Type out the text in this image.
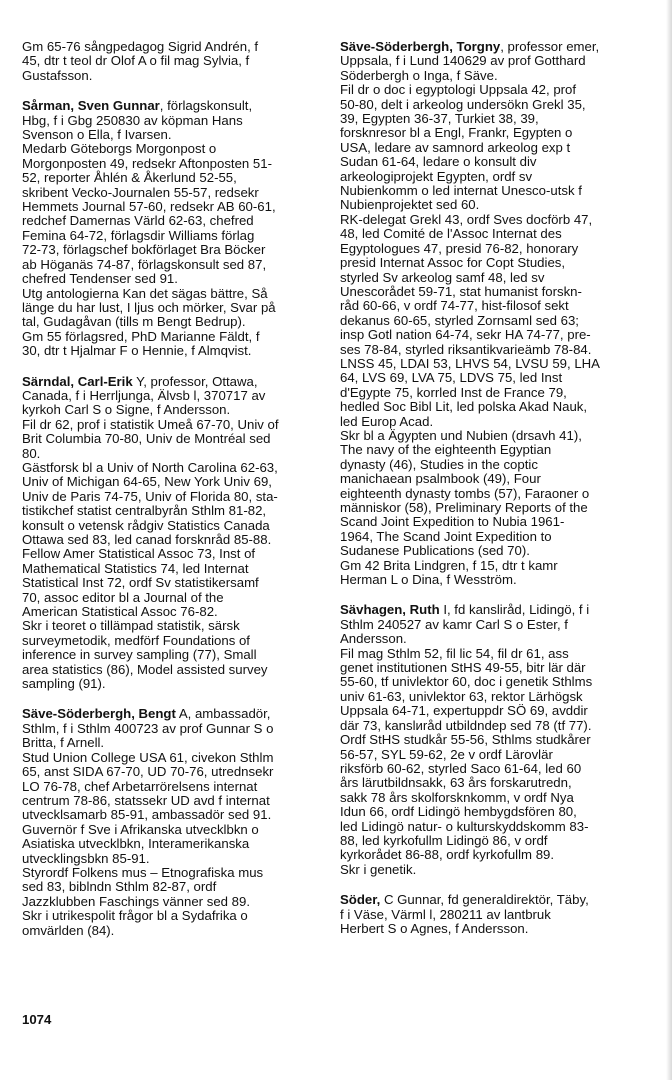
Gm 65-76 sångpedagog Sigrid Andrén, f
45, dtr t teol dr Olof A o fil mag Sylvia, f
Gustafsson.
Sårman, Sven Gunnar, förlagskonsult,
Hbg, f i Gbg 250830 av köpman Hans
Svenson o Ella, f Ivarsen.
Medarb Göteborgs Morgonpost o
Morgonposten 49, redsekr Aftonposten 51-
52, reporter Åhlén & Åkerlund 52-55,
skribent Vecko-Journalen 55-57, redsekr
Hemmets Journal 57-60, redsekr AB 60-61,
redchef Damernas Värld 62-63, chefred
Femina 64-72, förlagsdir Williams förlag
72-73, förlagschef bokförlaget Bra Böcker
ab Höganäs 74-87, förlagskonsult sed 87,
chefred Tendenser sed 91.
Utg antologierna Kan det sägas bättre, Så
länge du har lust, I ljus och mörker, Svar på
tal, Gudagåvan (tills m Bengt Bedrup).
Gm 55 förlagsred, PhD Marianne Fäldt, f
30, dtr t Hjalmar F o Hennie, f Almqvist.
Särndal, Carl-Erik Y, professor, Ottawa,
Canada, f i Herrljunga, Älvsb l, 370717 av
kyrkoh Carl S o Signe, f Andersson.
Fil dr 62, prof i statistik Umeå 67-70, Univ of
Brit Columbia 70-80, Univ de Montréal sed
80.
Gästforsk bl a Univ of North Carolina 62-63,
Univ of Michigan 64-65, New York Univ 69,
Univ de Paris 74-75, Univ of Florida 80, sta-
tistikchef statist centralbyrån Sthlm 81-82,
konsult o vetensk rådgiv Statistics Canada
Ottawa sed 83, led canad forsknråd 85-88.
Fellow Amer Statistical Assoc 73, Inst of
Mathematical Statistics 74, led Internat
Statistical Inst 72, ordf Sv statistikersamf
70, assoc editor bl a Journal of the
American Statistical Assoc 76-82.
Skr i teoret o tillämpad statistik, särsk
surveymetodik, medförf Foundations of
inference in survey sampling (77), Small
area statistics (86), Model assisted survey
sampling (91).
Säve-Söderbergh, Bengt A, ambassadör,
Sthlm, f i Sthlm 400723 av prof Gunnar S o
Britta, f Arnell.
Stud Union College USA 61, civekon Sthlm
65, anst SIDA 67-70, UD 70-76, utrednsekr
LO 76-78, chef Arbetarrörelsens internat
centrum 78-86, statssekr UD avd f internat
utvecklsamarb 85-91, ambassadör sed 91.
Guvernör f Sve i Afrikanska utvecklbkn o
Asiatiska utvecklbkn, Interamerikanska
utvecklingsbkn 85-91.
Styrordf Folkens mus – Etnografiska mus
sed 83, biblndn Sthlm 82-87, ordf
Jazzklubben Faschings vänner sed 89.
Skr i utrikespolit frågor bl a Sydafrika o
omvärlden (84).
Säve-Söderbergh, Torgny, professor emer,
Uppsala, f i Lund 140629 av prof Gotthard
Söderbergh o Inga, f Säve.
Fil dr o doc i egyptologi Uppsala 42, prof
50-80, delt i arkeolog undersökn Grekl 35,
39, Egypten 36-37, Turkiet 38, 39,
forsknresor bl a Engl, Frankr, Egypten o
USA, ledare av samnord arkeolog exp t
Sudan 61-64, ledare o konsult div
arkeologiprojekt Egypten, ordf sv
Nubienkomm o led internat Unesco-utsk f
Nubienprojektet sed 60.
RK-delegat Grekl 43, ordf Sves docförb 47,
48, led Comité de l'Assoc Internat des
Egyptologues 47, presid 76-82, honorary
presid Internat Assoc for Copt Studies,
styrled Sv arkeolog samf 48, led sv
Unescorådet 59-71, stat humanist forskn-
råd 60-66, v ordf 74-77, hist-filosof sekt
dekanus 60-65, styrled Zornsaml sed 63;
insp Gotl nation 64-74, sekr HA 74-77, pre-
ses 78-84, styrled riksantikvarieämb 78-84.
LNSS 45, LDAI 53, LHVS 54, LVSU 59, LHA
64, LVS 69, LVA 75, LDVS 75, led Inst
d'Egypte 75, korrled Inst de France 79,
hedled Soc Bibl Lit, led polska Akad Nauk,
led Europ Acad.
Skr bl a Ägypten und Nubien (drsavh 41),
The navy of the eighteenth Egyptian
dynasty (46), Studies in the coptic
manichaean psalmbook (49), Four
eighteenth dynasty tombs (57), Faraoner o
människor (58), Preliminary Reports of the
Scand Joint Expedition to Nubia 1961-
1964, The Scand Joint Expedition to
Sudanese Publications (sed 70).
Gm 42 Brita Lindgren, f 15, dtr t kamr
Herman L o Dina, f Wesström.
Sävhagen, Ruth I, fd kansliråd, Lidingö, f i
Sthlm 240527 av kamr Carl S o Ester, f
Andersson.
Fil mag Sthlm 52, fil lic 54, fil dr 61, ass
genet institutionen StHS 49-55, bitr lär där
55-60, tf univlektor 60, doc i genetik Sthlms
univ 61-63, univlektor 63, rektor Lärhögsk
Uppsala 64-71, expertuppdr SÖ 69, avddir
där 73, kanslиråd utbildndep sed 78 (tf 77).
Ordf StHS studkår 55-56, Sthlms studkårer
56-57, SYL 59-62, 2e v ordf Lärovlär
riksförb 60-62, styrled Saco 61-64, led 60
års lärutbildnsakk, 63 års forskarutredn,
sakk 78 års skolforsknkomm, v ordf Nya
Idun 66, ordf Lidingö hembygdsfören 80,
led Lidingö natur- o kulturskyddskomm 83-
88, led kyrkofullm Lidingö 86, v ordf
kyrkorådet 86-88, ordf kyrkofullm 89.
Skr i genetik.
Söder, C Gunnar, fd generaldirektör, Täby,
f i Väse, Värml l, 280211 av lantbruk
Herbert S o Agnes, f Andersson.
1074
